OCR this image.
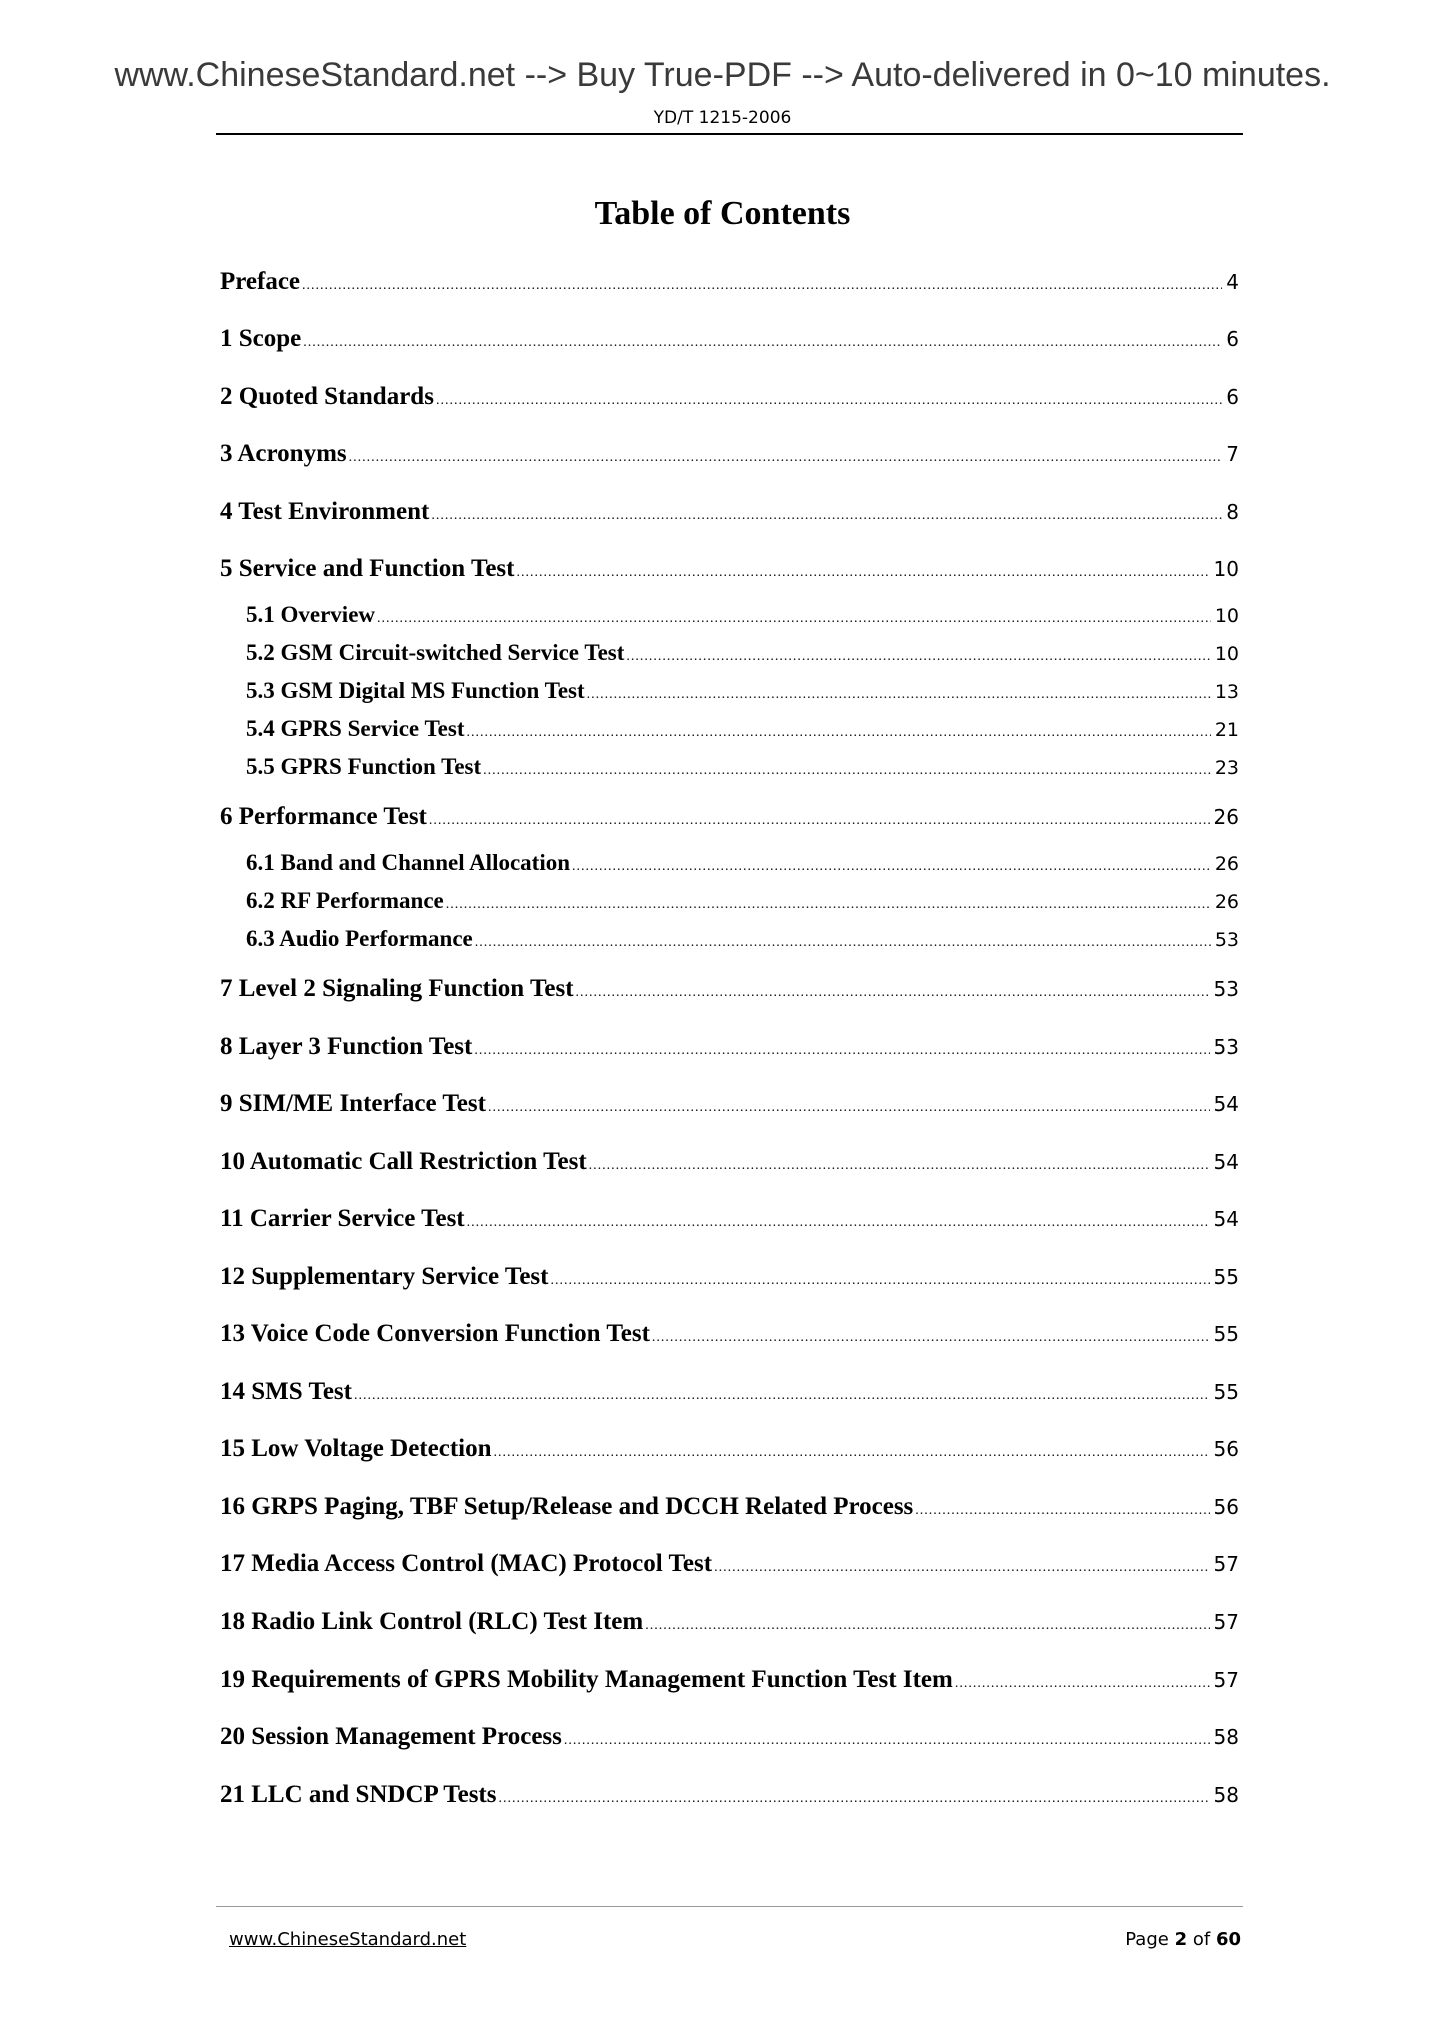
www.ChineseStandard.net --> Buy True-PDF --> Auto-delivered in 0~10 minutes.
YD/T 1215-2006
Table of Contents
Preface .....	4
1 Scope .....	6
2 Quoted Standards .....	6
3 Acronyms .....	7
4 Test Environment .....	8
5 Service and Function Test .....	10
5.1 Overview .....	10
5.2 GSM Circuit-switched Service Test .....	10
5.3 GSM Digital MS Function Test .....	13
5.4 GPRS Service Test .....	21
5.5 GPRS Function Test .....	23
6 Performance Test .....	26
6.1 Band and Channel Allocation .....	26
6.2 RF Performance .....	26
6.3 Audio Performance .....	53
7 Level 2 Signaling Function Test .....	53
8 Layer 3 Function Test .....	53
9 SIM/ME Interface Test .....	54
10 Automatic Call Restriction Test .....	54
11 Carrier Service Test .....	54
12 Supplementary Service Test .....	55
13 Voice Code Conversion Function Test .....	55
14 SMS Test .....	55
15 Low Voltage Detection .....	56
16 GRPS Paging, TBF Setup/Release and DCCH Related Process .....	56
17 Media Access Control (MAC) Protocol Test .....	57
18 Radio Link Control (RLC) Test Item .....	57
19 Requirements of GPRS Mobility Management Function Test Item .....	57
20 Session Management Process .....	58
21 LLC and SNDCP Tests .....	58
www.ChineseStandard.net	Page 2 of 60
